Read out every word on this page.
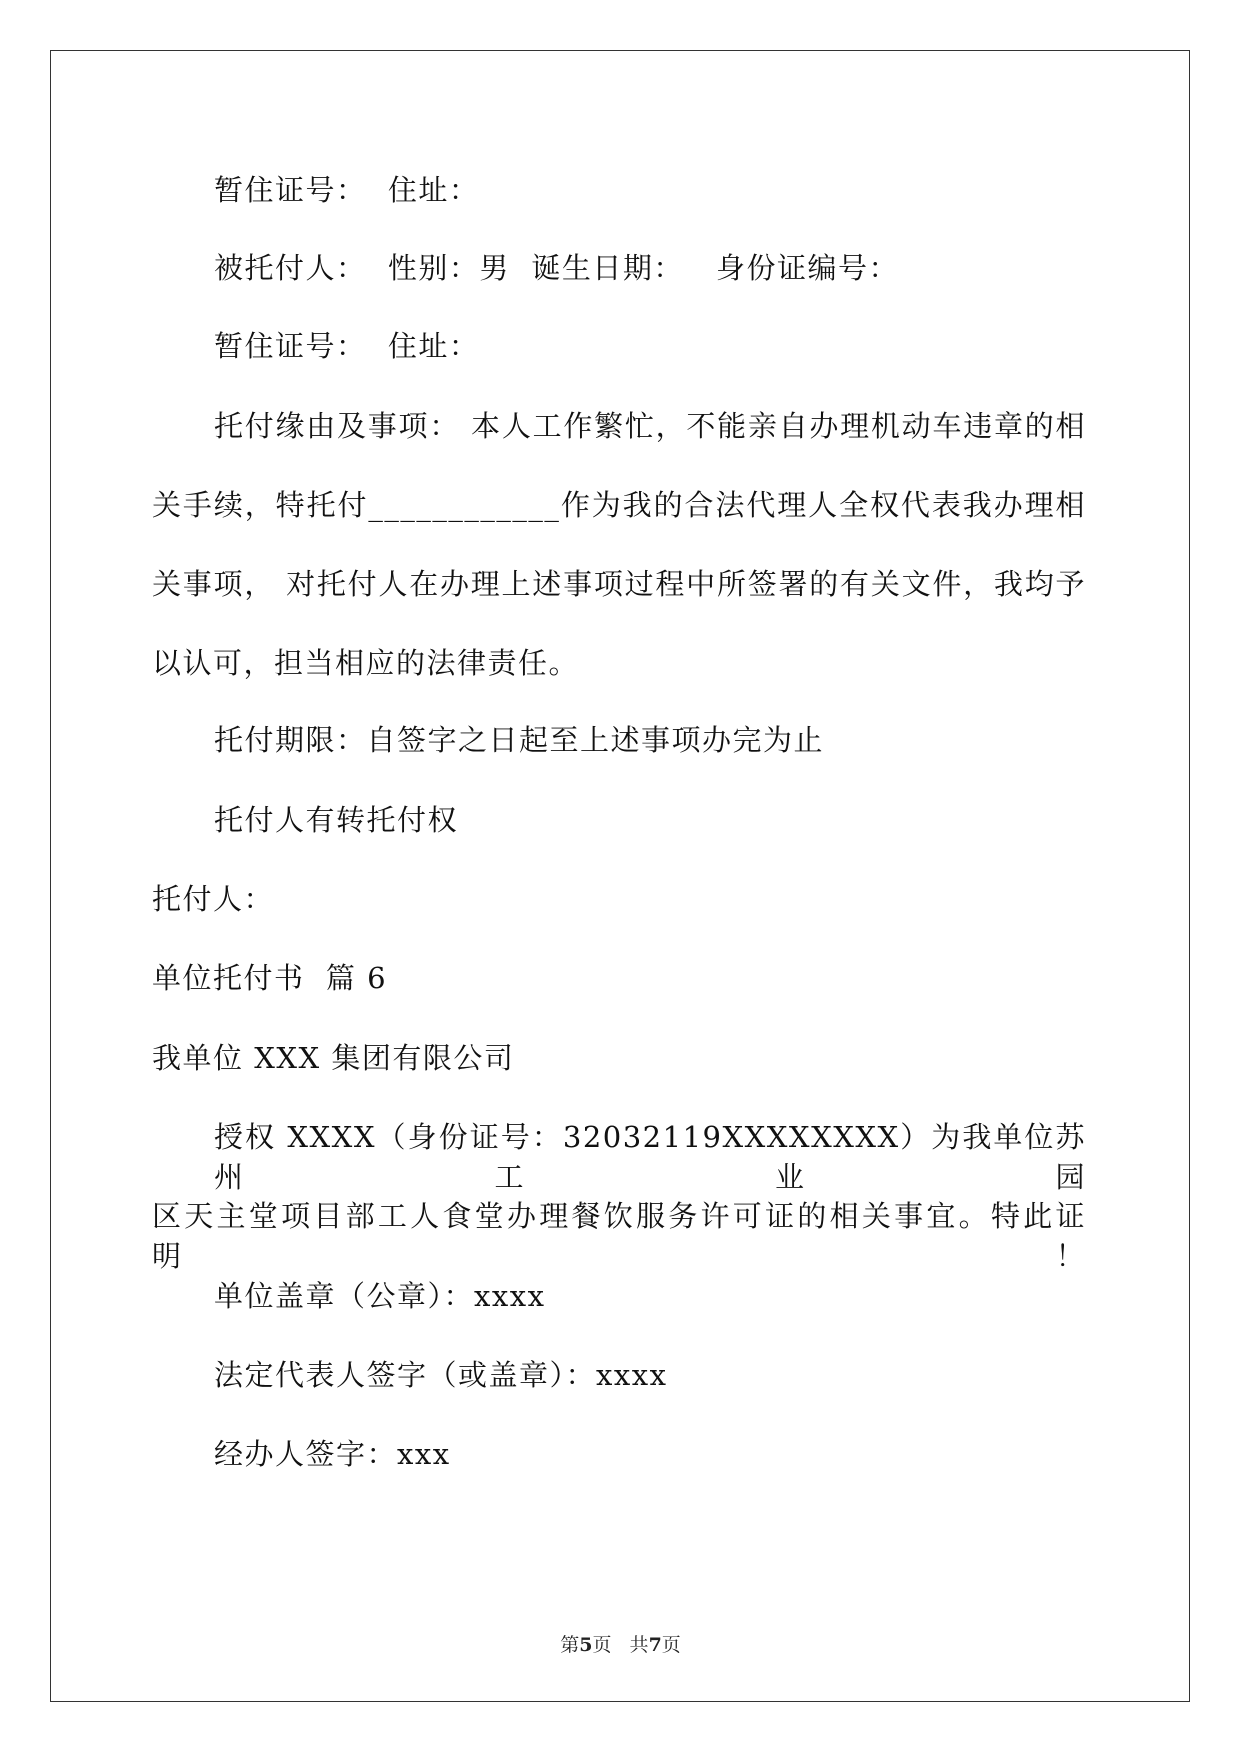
暂住证号：  住址：
被托付人：  性别：男  诞生日期：   身份证编号：
暂住证号：  住址：
托付缘由及事项： 本人工作繁忙，不能亲自办理机动车违章的相
关手续，特托付____________作为我的合法代理人全权代表我办理相
关事项， 对托付人在办理上述事项过程中所签署的有关文件，我均予
以认可，担当相应的法律责任。
托付期限：自签字之日起至上述事项办完为止
托付人有转托付权
托付人：
单位托付书  篇 6
我单位 XXX 集团有限公司
授权 XXXX（身份证号：32032119XXXXXXXX）为我单位苏州工业园
区天主堂项目部工人食堂办理餐饮服务许可证的相关事宜。特此证明！
单位盖章（公章）：xxxx
法定代表人签字（或盖章）：xxxx
经办人签字：xxx
第5页   共7页
